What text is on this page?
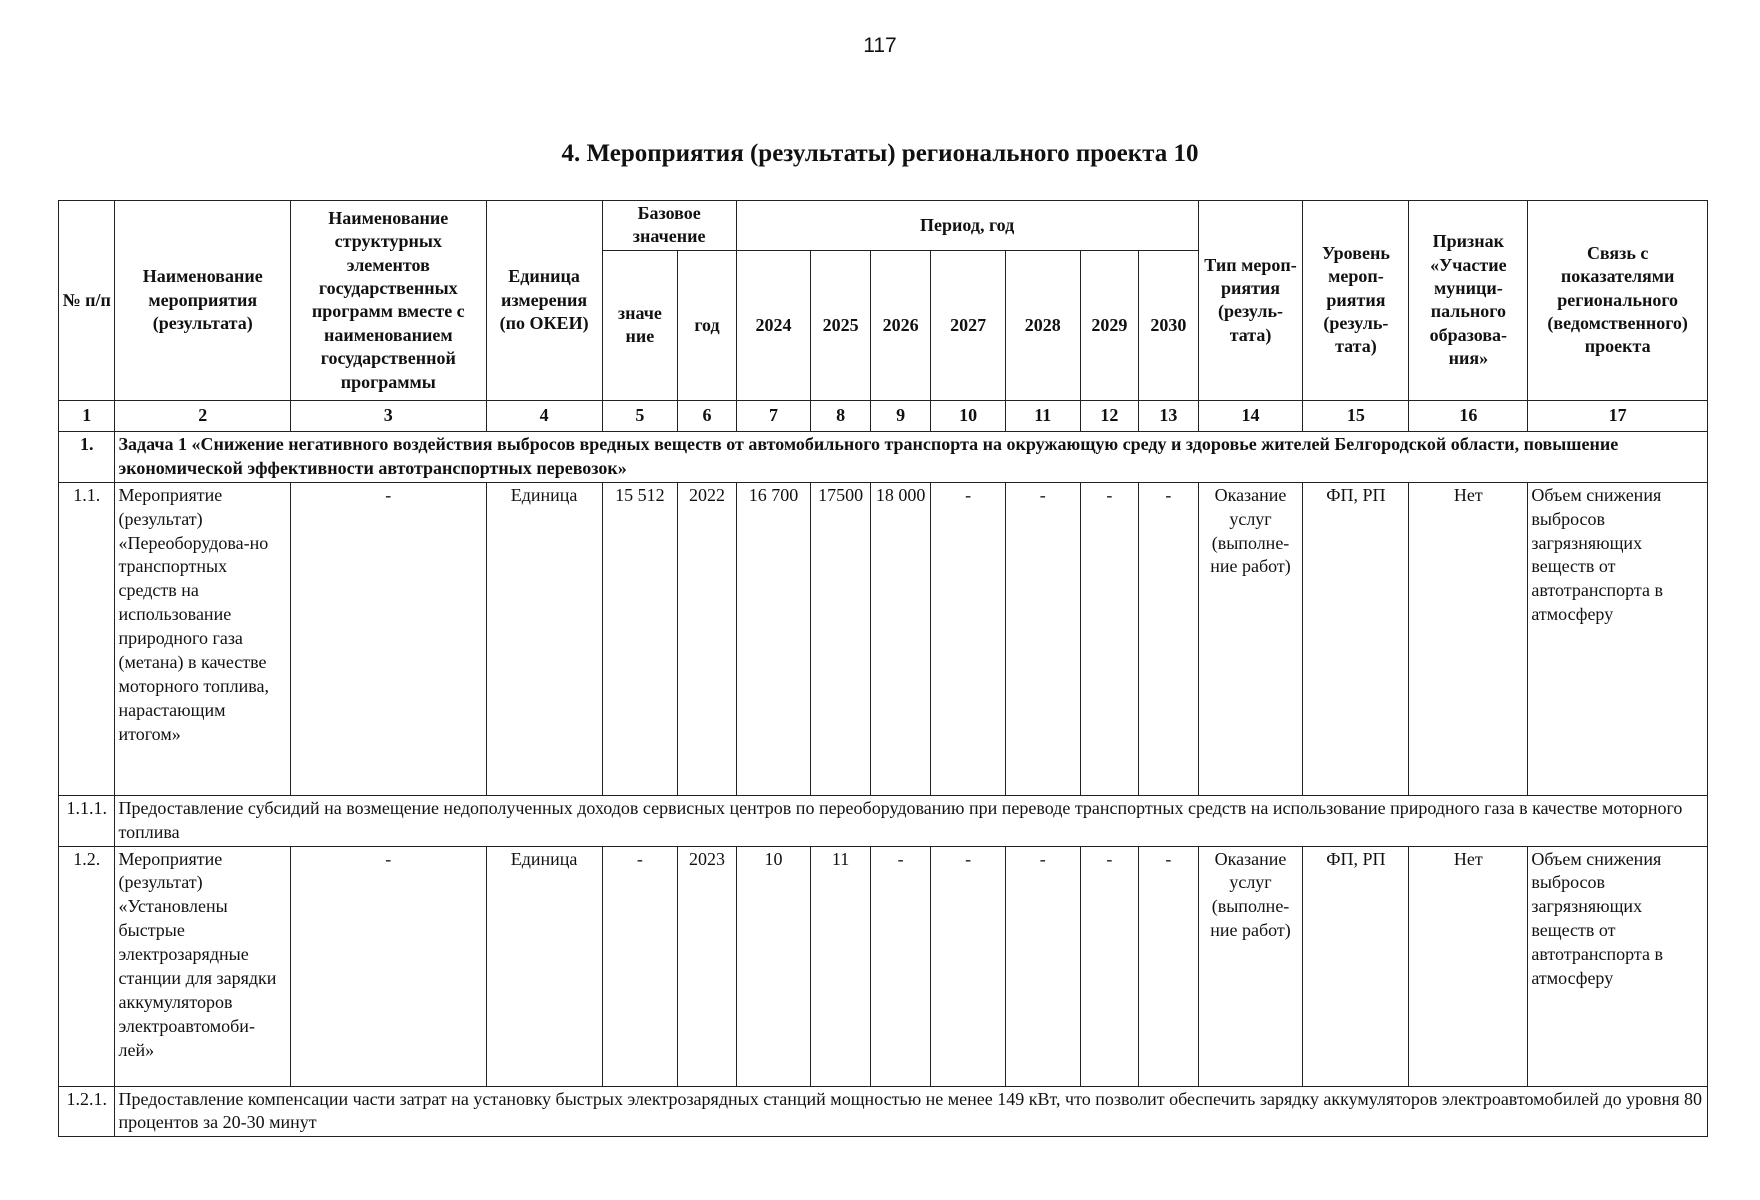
117
4. Мероприятия (результаты) регионального проекта 10
№ п/п	Наименование мероприятия (результата)	Наименование структурных элементов государственных программ вместе с наименованием государственной программы	Единица измерения (по ОКЕИ)	Базовое значение		Период, год							Тип мероп-риятия (резуль-тата)	Уровень мероп-риятия (резуль-тата)	Признак «Участие муници-пального образова-ния»	Связь с показателями регионального (ведомственного) проекта
				значе ние	год	2024	2025	2026	2027	2028	2029	2030				
1	2	3	4	5	6	7	8	9	10	11	12	13	14	15	16	17
1.	Задача 1 «Снижение негативного воздействия выбросов вредных веществ от автомобильного транспорта на окружающую среду и здоровье жителей Белгородской области, повышение экономической эффективности автотранспортных перевозок»															
1.1.	Мероприятие (результат) «Переоборудова-но транспортных средств на использование природного газа (метана) в качестве моторного топлива, нарастающим итогом»	-	Единица	15 512	2022	16 700	17500	18 000	-	-	-	-	Оказание услуг (выполне-ние работ)	ФП, РП	Нет	Объем снижения выбросов загрязняющих веществ от автотранспорта в атмосферу
1.1.1.	Предоставление субсидий на возмещение недополученных доходов сервисных центров по переоборудованию при переводе транспортных средств на использование природного газа в качестве моторного топлива															
1.2.	Мероприятие (результат) «Установлены быстрые электрозарядные станции для зарядки аккумуляторов электроавтомоби-лей»	-	Единица	-	2023	10	11	-	-	-	-	-	Оказание услуг (выполне-ние работ)	ФП, РП	Нет	Объем снижения выбросов загрязняющих веществ от автотранспорта в атмосферу
1.2.1.	Предоставление компенсации части затрат на установку быстрых электрозарядных станций мощностью не менее 149 кВт, что позволит обеспечить зарядку аккумуляторов электроавтомобилей до уровня 80 процентов за 20-30 минут															
